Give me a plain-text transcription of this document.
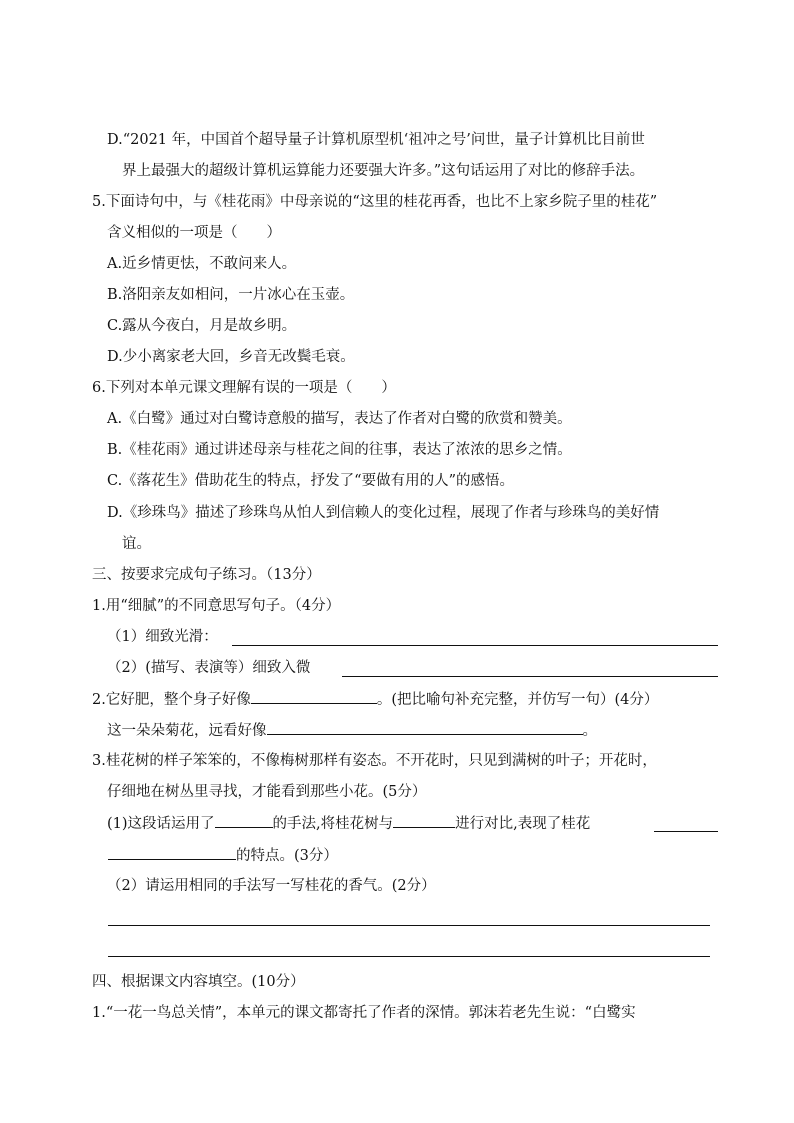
D.“2021 年，中国首个超导量子计算机原型机‘祖冲之号’问世，量子计算机比目前世
界上最强大的超级计算机运算能力还要强大许多。”这句话运用了对比的修辞手法。
5.下面诗句中，与《桂花雨》中母亲说的“这里的桂花再香，也比不上家乡院子里的桂花”
含义相似的一项是（　　）
A.近乡情更怯，不敢问来人。
B.洛阳亲友如相问，一片冰心在玉壶。
C.露从今夜白，月是故乡明。
D.少小离家老大回，乡音无改鬓毛衰。
6.下列对本单元课文理解有误的一项是（　　）
A.《白鹭》通过对白鹭诗意般的描写，表达了作者对白鹭的欣赏和赞美。
B.《桂花雨》通过讲述母亲与桂花之间的往事，表达了浓浓的思乡之情。
C.《落花生》借助花生的特点，抒发了“要做有用的人”的感悟。
D.《珍珠鸟》描述了珍珠鸟从怕人到信赖人的变化过程，展现了作者与珍珠鸟的美好情
谊。
三、按要求完成句子练习。（13分）
1.用“细腻”的不同意思写句子。（4分）
（1）细致光滑：
（2）(描写、表演等）细致入微
2.它好肥，整个身子好像	。(把比喻句补充完整，并仿写一句）(4分）
这一朵朵菊花，远看好像	。
3.桂花树的样子笨笨的，不像梅树那样有姿态。不开花时，只见到满树的叶子；开花时，
仔细地在树丛里寻找，才能看到那些小花。(5分）
(1)这段话运用了	的手法,将桂花树与	进行对比,表现了桂花
的特点。(3分）
（2）请运用相同的手法写一写桂花的香气。(2分）
四、根据课文内容填空。(10分）
1.“一花一鸟总关情”，本单元的课文都寄托了作者的深情。郭沫若老先生说：“白鹭实
